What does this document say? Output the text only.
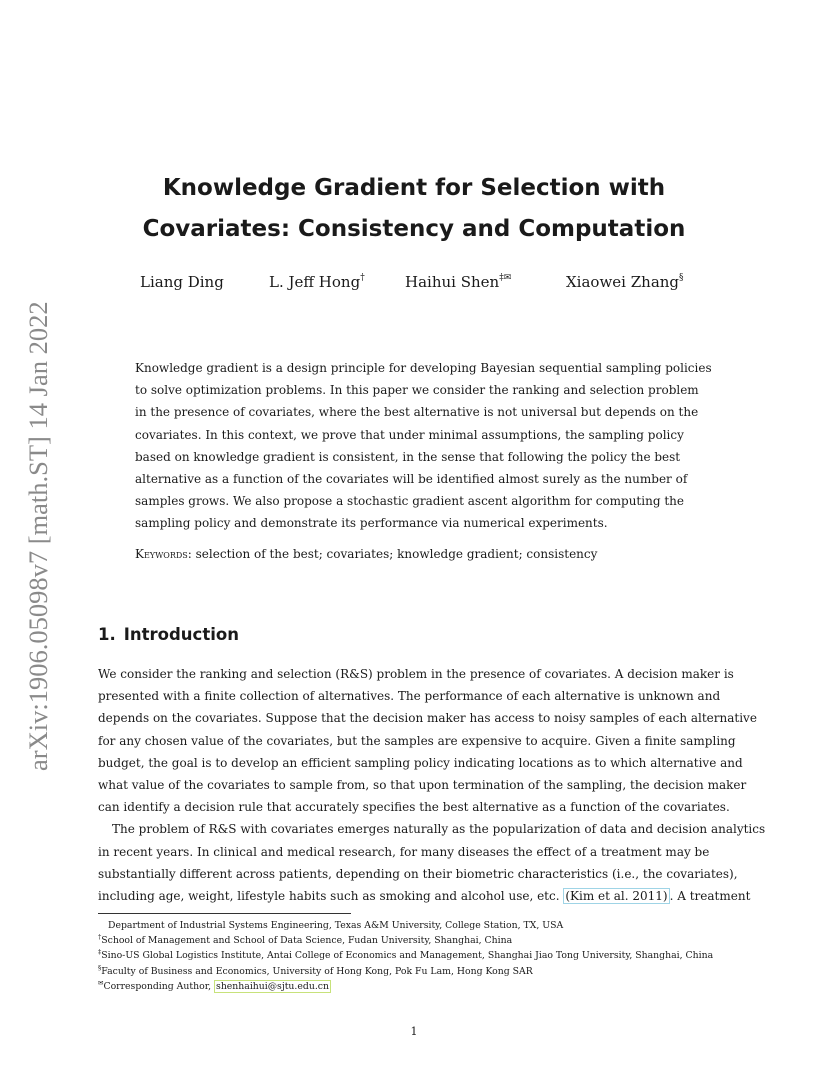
arXiv:1906.05098v7 [math.ST] 14 Jan 2022
Knowledge Gradient for Selection with
Covariates: Consistency and Computation
Liang Ding	L. Jeff Hong†	Haihui Shen‡✉	Xiaowei Zhang§
Knowledge gradient is a design principle for developing Bayesian sequential sampling policies
to solve optimization problems. In this paper we consider the ranking and selection problem
in the presence of covariates, where the best alternative is not universal but depends on the
covariates. In this context, we prove that under minimal assumptions, the sampling policy
based on knowledge gradient is consistent, in the sense that following the policy the best
alternative as a function of the covariates will be identified almost surely as the number of
samples grows. We also propose a stochastic gradient ascent algorithm for computing the
sampling policy and demonstrate its performance via numerical experiments.
Keywords: selection of the best; covariates; knowledge gradient; consistency
1. Introduction
We consider the ranking and selection (R&S) problem in the presence of covariates. A decision maker is
presented with a finite collection of alternatives. The performance of each alternative is unknown and
depends on the covariates. Suppose that the decision maker has access to noisy samples of each alternative
for any chosen value of the covariates, but the samples are expensive to acquire. Given a finite sampling
budget, the goal is to develop an efficient sampling policy indicating locations as to which alternative and
what value of the covariates to sample from, so that upon termination of the sampling, the decision maker
can identify a decision rule that accurately specifies the best alternative as a function of the covariates.
The problem of R&S with covariates emerges naturally as the popularization of data and decision analytics
in recent years. In clinical and medical research, for many diseases the effect of a treatment may be
substantially different across patients, depending on their biometric characteristics (i.e., the covariates),
including age, weight, lifestyle habits such as smoking and alcohol use, etc. (Kim et al. 2011) . A treatment
Department of Industrial Systems Engineering, Texas A&M University, College Station, TX, USA
†School of Management and School of Data Science, Fudan University, Shanghai, China
‡Sino-US Global Logistics Institute, Antai College of Economics and Management, Shanghai Jiao Tong University, Shanghai, China
§Faculty of Business and Economics, University of Hong Kong, Pok Fu Lam, Hong Kong SAR
✉Corresponding Author, shenhaihui@sjtu.edu.cn
1
